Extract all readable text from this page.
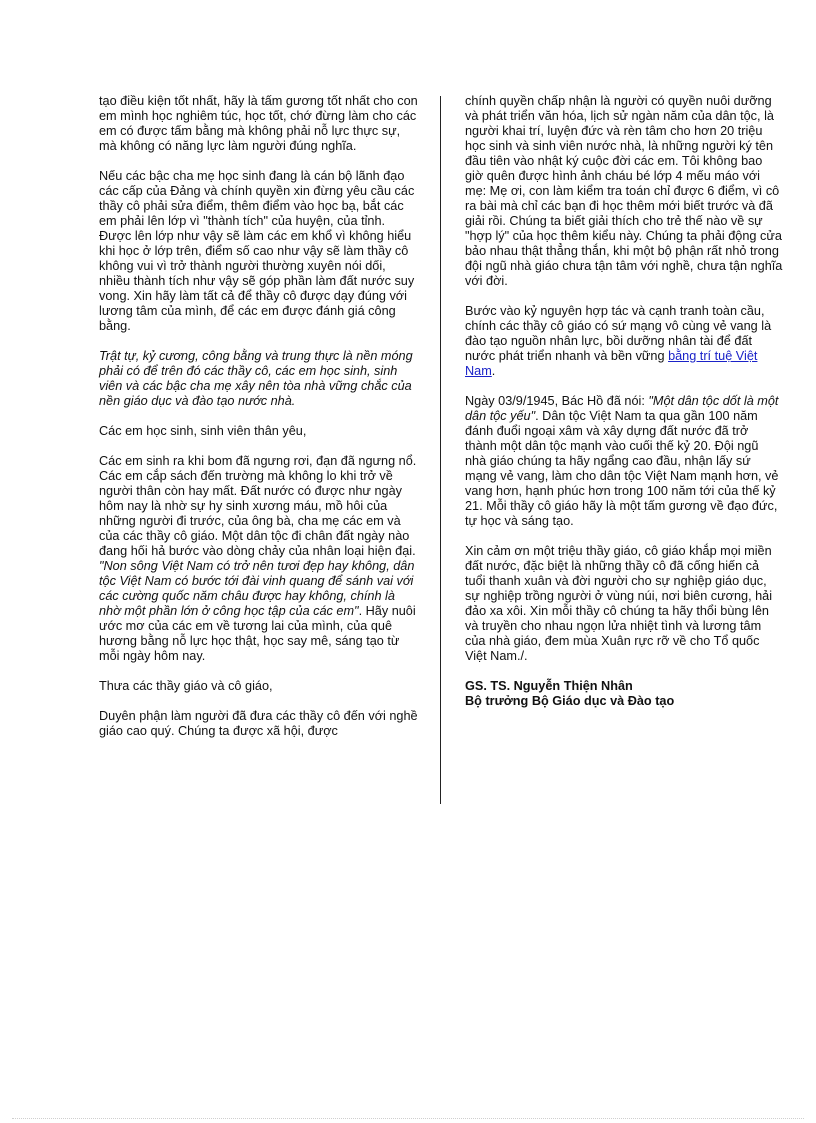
tạo điều kiện tốt nhất, hãy là tấm gương tốt nhất cho con em mình học nghiêm túc, học tốt, chớ đừng làm cho các em có được tấm bằng mà không phải nỗ lực thực sự, mà không có năng lực làm người đúng nghĩa.

Nếu các bậc cha mẹ học sinh đang là cán bộ lãnh đạo các cấp của Đảng và chính quyền xin đừng yêu cầu các thầy cô phải sửa điểm, thêm điểm vào học bạ, bắt các em phải lên lớp vì "thành tích" của huyện, của tỉnh. Được lên lớp như vậy sẽ làm các em khổ vì không hiểu khi học ở lớp trên, điểm số cao như vậy sẽ làm thầy cô không vui vì trở thành người thường xuyên nói dối, nhiều thành tích như vậy sẽ góp phần làm đất nước suy vong. Xin hãy làm tất cả để thầy cô được dạy đúng với lương tâm của mình, để các em được đánh giá công bằng.

Trật tự, kỷ cương, công bằng và trung thực là nền móng phải có để trên đó các thầy cô, các em học sinh, sinh viên và các bậc cha mẹ xây nên tòa nhà vững chắc của nền giáo dục và đào tạo nước nhà.

Các em học sinh, sinh viên thân yêu,

Các em sinh ra khi bom đã ngưng rơi, đạn đã ngưng nổ. Các em cắp sách đến trường mà không lo khi trở về người thân còn hay mất. Đất nước có được như ngày hôm nay là nhờ sự hy sinh xương máu, mồ hôi của những người đi trước, của ông bà, cha mẹ các em và của các thầy cô giáo. Một dân tộc đi chân đất ngày nào đang hối hả bước vào dòng chảy của nhân loại hiện đại. "Non sông Việt Nam có trở nên tươi đẹp hay không, dân tộc Việt Nam có bước tới đài vinh quang để sánh vai với các cường quốc năm châu được hay không, chính là nhờ một phần lớn ở công học tập của các em". Hãy nuôi ước mơ của các em về tương lai của mình, của quê hương bằng nỗ lực học thật, học say mê, sáng tạo từ mỗi ngày hôm nay.

Thưa các thầy giáo và cô giáo,

Duyên phận làm người đã đưa các thầy cô đến với nghề giáo cao quý. Chúng ta được xã hội, được

chính quyền chấp nhận là người có quyền nuôi dưỡng và phát triển văn hóa, lịch sử ngàn năm của dân tộc, là người khai trí, luyện đức và rèn tâm cho hơn 20 triệu học sinh và sinh viên nước nhà, là những người ký tên đầu tiên vào nhật ký cuộc đời các em. Tôi không bao giờ quên được hình ảnh cháu bé lớp 4 mếu máo với mẹ: Mẹ ơi, con làm kiểm tra toán chỉ được 6 điểm, vì cô ra bài mà chỉ các bạn đi học thêm mới biết trước và đã giải rồi. Chúng ta biết giải thích cho trẻ thế nào về sự "hợp lý" của học thêm kiểu này. Chúng ta phải động cửa bảo nhau thật thẳng thắn, khi một bộ phận rất nhỏ trong đội ngũ nhà giáo chưa tận tâm với nghề, chưa tận nghĩa với đời.

Bước vào kỷ nguyên hợp tác và cạnh tranh toàn cầu, chính các thầy cô giáo có sứ mạng vô cùng vẻ vang là đào tạo nguồn nhân lực, bồi dưỡng nhân tài để đất nước phát triển nhanh và bền vững bằng trí tuệ Việt Nam.

Ngày 03/9/1945, Bác Hồ đã nói: "Một dân tộc dốt là một dân tộc yếu". Dân tộc Việt Nam ta qua gần 100 năm đánh đuổi ngoại xâm và xây dựng đất nước đã trở thành một dân tộc mạnh vào cuối thế kỷ 20. Đội ngũ nhà giáo chúng ta hãy ngẩng cao đầu, nhận lấy sứ mạng vẻ vang, làm cho dân tộc Việt Nam mạnh hơn, vẻ vang hơn, hạnh phúc hơn trong 100 năm tới của thế kỷ 21. Mỗi thầy cô giáo hãy là một tấm gương về đạo đức, tự học và sáng tạo.

Xin cảm ơn một triệu thầy giáo, cô giáo khắp mọi miền đất nước, đặc biệt là những thầy cô đã cống hiến cả tuổi thanh xuân và đời người cho sự nghiệp giáo dục, sự nghiệp trồng người ở vùng núi, nơi biên cương, hải đảo xa xôi. Xin mỗi thầy cô chúng ta hãy thổi bùng lên và truyền cho nhau ngọn lửa nhiệt tình và lương tâm của nhà giáo, đem mùa Xuân rực rỡ về cho Tổ quốc Việt Nam./.

GS. TS. Nguyễn Thiện Nhân

Bộ trưởng Bộ Giáo dục và Đào tạo
